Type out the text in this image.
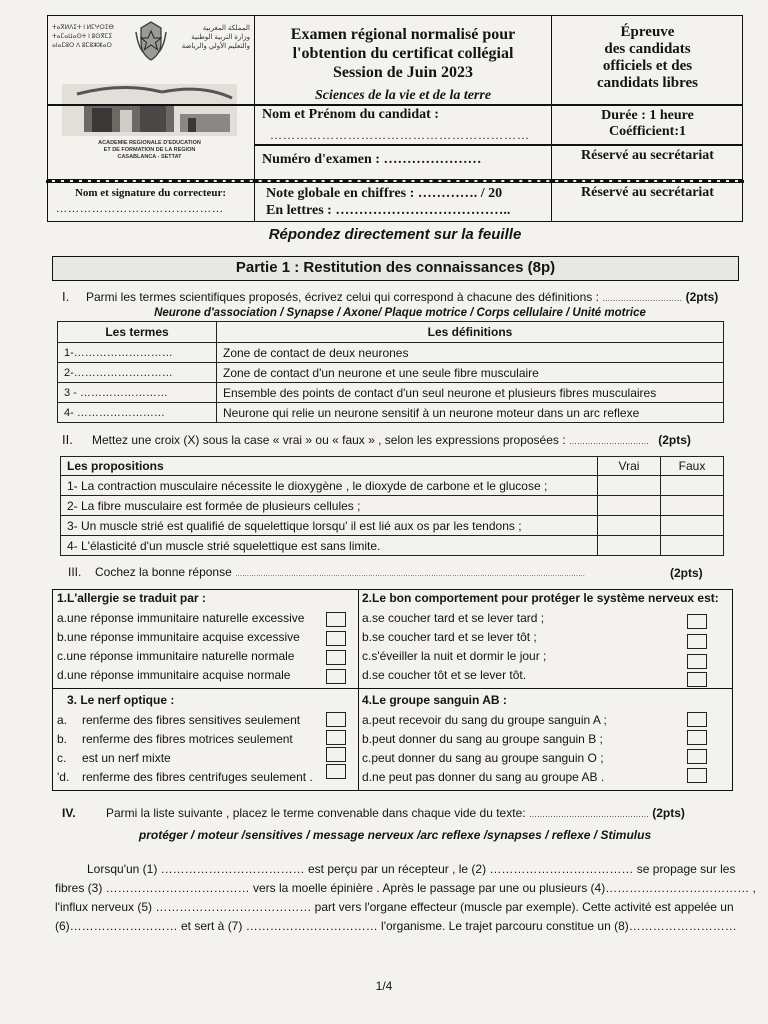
ⵜⴰⴳⵍⴷⵉⵜ ⵏ ⵍⵎⵖⵔⵉⴱ
ⵜⴰⵎⴰⵡⴰⵙⵜ ⵏ ⵓⵙⴳⵎⵉ
ⴰⵏⴰⵎⵓⵔ ⴷ ⵓⵎⵓⵣⵣⴰⵔ
المملكة المغربية
وزارة التربية الوطنية
والتعليم الأولي والرياضة
ACADEMIE REGIONALE D'EDUCATION
ET DE FORMATION DE LA REGION
CASABLANCA - SETTAT
Examen régional normalisé pour
l'obtention du certificat collégial
Session de Juin 2023
Sciences de la vie et de la terre
Nom et Prénom du candidat :
……………………………………………………
Épreuve
des candidats
officiels et des
candidats libres
Durée : 1 heure
Coéfficient:1
Numéro d'examen : …………………	Réservé au secrétariat
Nom et signature du correcteur:
……………………………………
Note globale en chiffres : …………. / 20
En lettres : ………………………………..
Réservé au secrétariat
Répondez directement sur la feuille
Partie 1 : Restitution des connaissances (8p)
I. Parmi les termes scientifiques proposés, écrivez celui qui correspond à chacune des définitions : ………………………… (2pts)
Neurone d'association / Synapse / Axone/ Plaque motrice / Corps cellulaire / Unité motrice
Les termes	Les définitions
1-………………………	Zone de contact de deux neurones
2-………………………	Zone de contact d'un neurone et une seule fibre musculaire
3 - ……………………	Ensemble des points de contact d'un seul neurone et plusieurs fibres musculaires
4- ……………………	Neurone qui relie un neurone sensitif à un neurone moteur dans un arc reflexe
II. Mettez une croix (X) sous la case « vrai » ou « faux » , selon les expressions proposées : ………………………… (2pts)
Les propositions	Vrai	Faux
1- La contraction musculaire nécessite le dioxygène , le dioxyde de carbone et le glucose ;		
2- La fibre musculaire est formée de plusieurs cellules ;		
3- Un muscle strié est qualifié de squelettique lorsqu' il est lié aux os par les tendons ;		
4- L'élasticité d'un muscle strié squelettique est sans limite.		
III. Cochez la bonne réponse ……………………………………………………………………………………………………………………………………	(2pts)
1.L'allergie se traduit par :
a.une réponse immunitaire naturelle excessive
b.une réponse immunitaire acquise excessive
c.une réponse immunitaire naturelle normale
d.une réponse immunitaire acquise normale
2.Le bon comportement pour protéger le système nerveux est:
a.se coucher tard et se lever tard ;
b.se coucher tard et se lever tôt ;
c.s'éveiller la nuit et dormir le jour ;
d.se coucher tôt et se lever tôt.
3. Le nerf optique :
a. renferme des fibres sensitives seulement
b. renferme des fibres motrices seulement
c. est un nerf mixte
'd. renferme des fibres centrifuges seulement .
4.Le groupe sanguin AB :
a.peut recevoir du sang du groupe sanguin A ;
b.peut donner du sang au groupe sanguin B ;
c.peut donner du sang au groupe sanguin O ;
d.ne peut pas donner du sang au groupe AB .
IV.	Parmi la liste suivante , placez le terme convenable dans chaque vide du texte: ……………………………………… (2pts)
protéger / moteur /sensitives / message nerveux /arc reflexe /synapses / reflexe / Stimulus
Lorsqu'un (1) ……………………………… est perçu par un récepteur , le (2) ……………………………… se propage sur les
fibres (3) ……………………………… vers la moelle épinière . Après le passage par une ou plusieurs (4)……………………………… ,
l'influx nerveux (5) ………………………………… part vers l'organe effecteur (muscle par exemple). Cette activité est appelée un
(6)……………………… et sert à (7) …………………………… l'organisme. Le trajet parcouru constitue un (8)………………………
1/4
